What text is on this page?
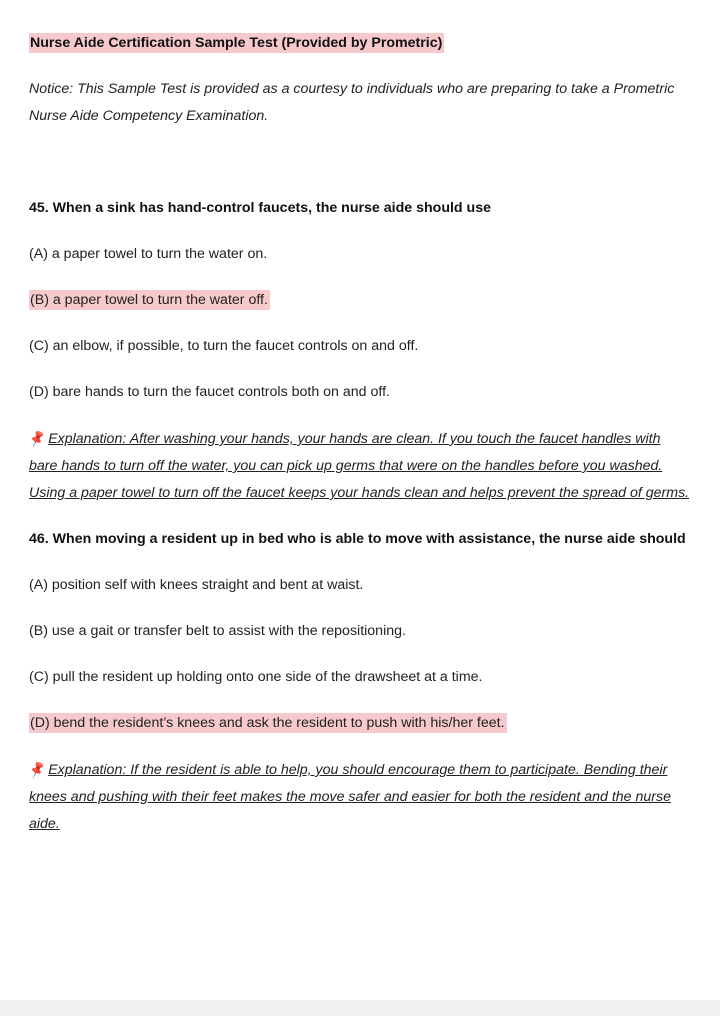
Nurse Aide Certification Sample Test (Provided by Prometric)

Notice: This Sample Test is provided as a courtesy to individuals who are preparing to take a Prometric Nurse Aide Competency Examination.

45. When a sink has hand-control faucets, the nurse aide should use

(A) a paper towel to turn the water on.

(B) a paper towel to turn the water off.

(C) an elbow, if possible, to turn the faucet controls on and off.

(D) bare hands to turn the faucet controls both on and off.

📌Explanation: After washing your hands, your hands are clean. If you touch the faucet handles with bare hands to turn off the water, you can pick up germs that were on the handles before you washed. Using a paper towel to turn off the faucet keeps your hands clean and helps prevent the spread of germs.

46. When moving a resident up in bed who is able to move with assistance, the nurse aide should

(A) position self with knees straight and bent at waist.

(B) use a gait or transfer belt to assist with the repositioning.

(C) pull the resident up holding onto one side of the drawsheet at a time.

(D) bend the resident’s knees and ask the resident to push with his/her feet.

📌Explanation: If the resident is able to help, you should encourage them to participate. Bending their knees and pushing with their feet makes the move safer and easier for both the resident and the nurse aide.
